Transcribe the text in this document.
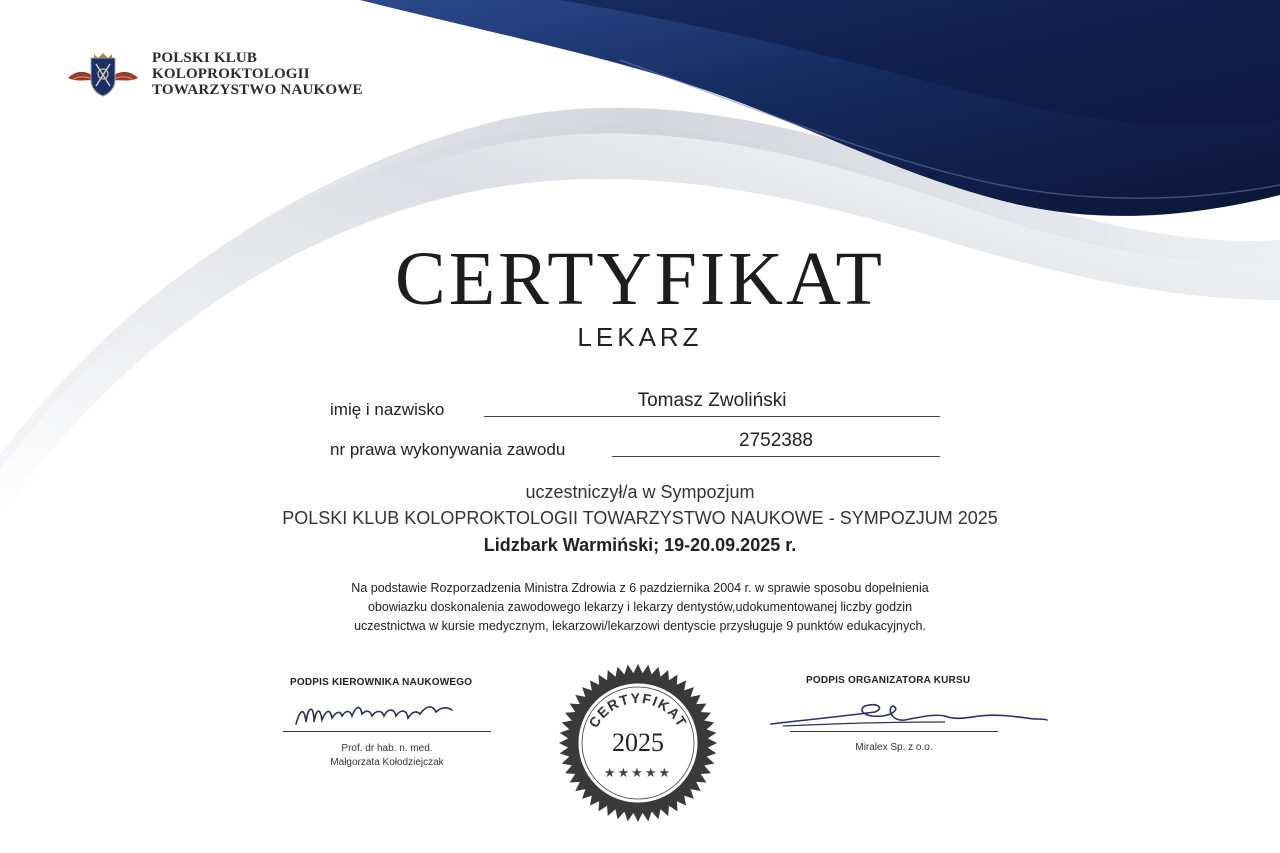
POLSKI KLUB
KOLOPROKTOLOGII
TOWARZYSTWO NAUKOWE
CERTYFIKAT
LEKARZ
imię i nazwisko	Tomasz Zwoliński
nr prawa wykonywania zawodu	2752388
uczestniczył/a w Sympozjum
POLSKI KLUB KOLOPROKTOLOGII TOWARZYSTWO NAUKOWE - SYMPOZJUM 2025
Lidzbark Warmiński; 19-20.09.2025 r.
Na podstawie Rozporzadzenia Ministra Zdrowia z 6 pazdziernika 2004 r. w sprawie sposobu dopełnienia
obowiazku doskonalenia zawodowego lekarzy i lekarzy dentystów,udokumentowanej liczby godzin
uczestnictwa w kursie medycznym, lekarzowi/lekarzowi dentyscie przysługuje 9 punktów edukacyjnych.
PODPIS KIEROWNIKA NAUKOWEGO
Prof. dr hab. n. med.
Małgorzata Kołodziejczak
PODPIS ORGANIZATORA KURSU
Miralex Sp. z o.o.
CERTYFIKAT
2025
★★★★★
